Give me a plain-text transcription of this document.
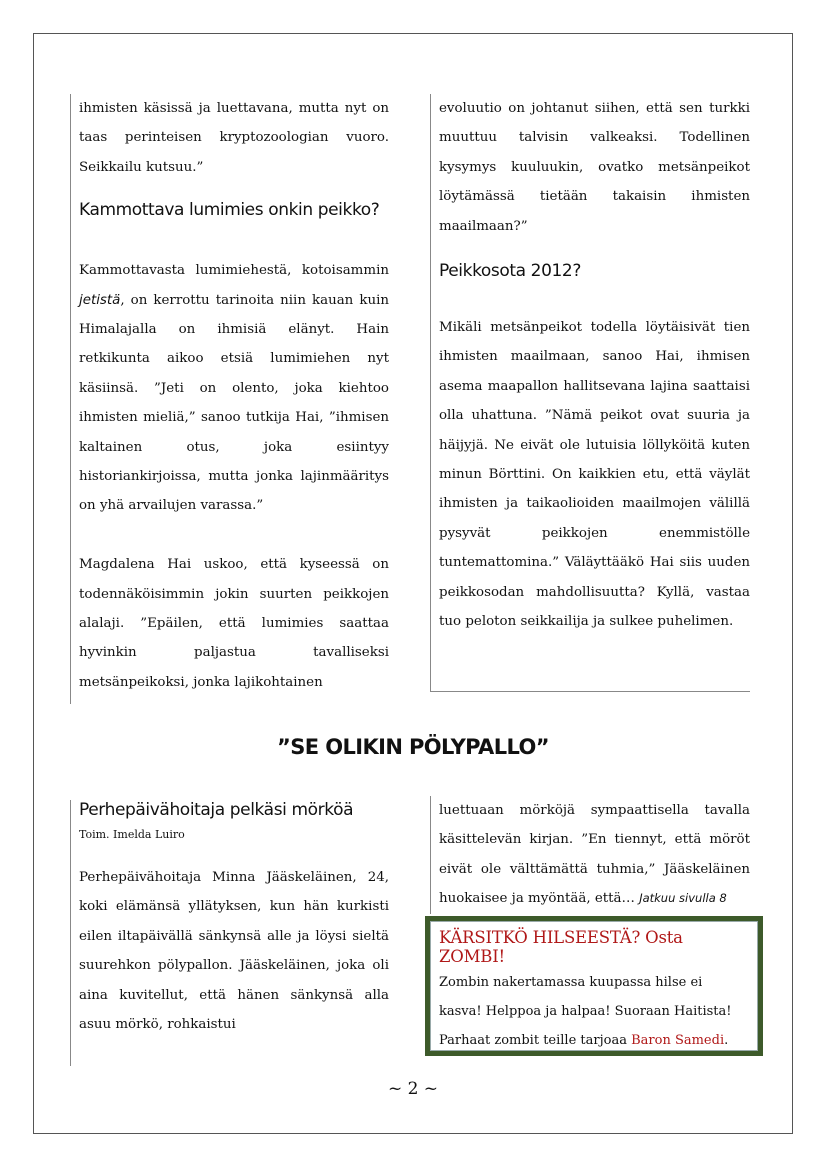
ihmisten käsissä ja luettavana, mutta nyt on taas perinteisen kryptozoologian vuoro. Seikkailu kutsuu.”

Kammottava lumimies onkin peikko?

Kammottavasta lumimiehestä, kotoisammin jetistä, on kerrottu tarinoita niin kauan kuin Himalajalla on ihmisiä elänyt. Hain retkikunta aikoo etsiä lumimiehen nyt käsiinsä. ”Jeti on olento, joka kiehtoo ihmisten mieliä,” sanoo tutkija Hai, ”ihmisen kaltainen otus, joka esiintyy historiankirjoissa, mutta jonka lajinmääritys on yhä arvailujen varassa.”

Magdalena Hai uskoo, että kyseessä on todennäköisimmin jokin suurten peikkojen alalaji. ”Epäilen, että lumimies saattaa hyvinkin paljastua tavalliseksi metsänpeikoksi, jonka lajikohtainen

evoluutio on johtanut siihen, että sen turkki muuttuu talvisin valkeaksi. Todellinen kysymys kuuluukin, ovatko metsänpeikot löytämässä tietään takaisin ihmisten maailmaan?”

Peikkosota 2012?

Mikäli metsänpeikot todella löytäisivät tien ihmisten maailmaan, sanoo Hai, ihmisen asema maapallon hallitsevana lajina saattaisi olla uhattuna. ”Nämä peikot ovat suuria ja häijyjä. Ne eivät ole lutuisia löllyköitä kuten minun Börttini. On kaikkien etu, että väylät ihmisten ja taikaolioiden maailmojen välillä pysyvät peikkojen enemmistölle tuntemattomina.” Väläyttääkö Hai siis uuden peikkosodan mahdollisuutta? Kyllä, vastaa tuo peloton seikkailija ja sulkee puhelimen.

”SE OLIKIN PÖLYPALLO”
Perhepäivähoitaja pelkäsi mörköä

Toim. Imelda Luiro

Perhepäivähoitaja Minna Jääskeläinen, 24, koki elämänsä yllätyksen, kun hän kurkisti eilen iltapäivällä sänkynsä alle ja löysi sieltä suurehkon pölypallon. Jääskeläinen, joka oli aina kuvitellut, että hänen sänkynsä alla asuu mörkö, rohkaistui

luettuaan mörköjä sympaattisella tavalla käsittelevän kirjan. ”En tiennyt, että möröt eivät ole välttämättä tuhmia,” Jääskeläinen huokaisee ja myöntää, että… Jatkuu sivulla 8

KÄRSITKÖ HILSEESTÄ? Osta ZOMBI!

Zombin nakertamassa kuupassa hilse ei kasva! Helppoa ja halpaa! Suoraan Haitista! Parhaat zombit teille tarjoaa Baron Samedi.

~ 2 ~
